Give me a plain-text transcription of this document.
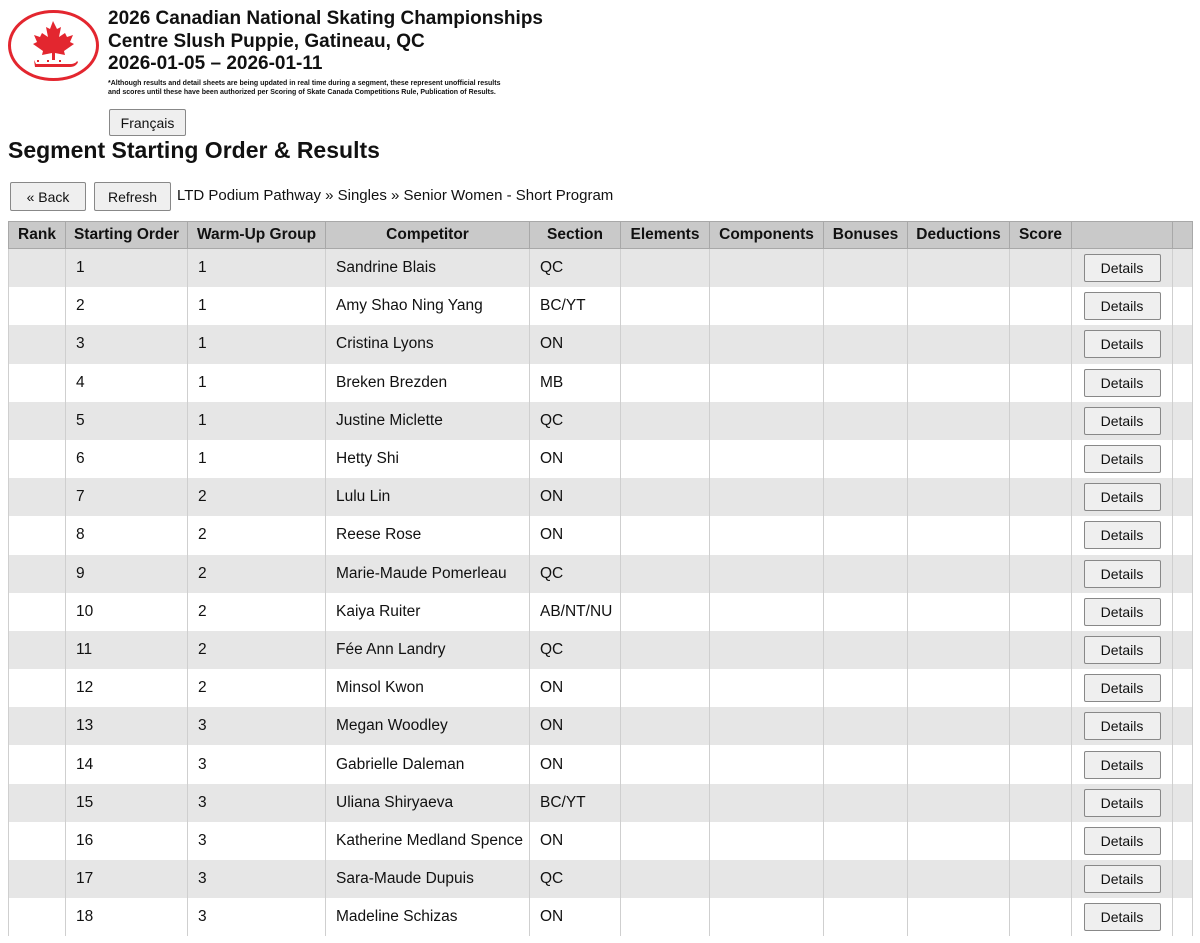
2026 Canadian National Skating Championships
Centre Slush Puppie, Gatineau, QC
2026-01-05 – 2026-01-11
*Although results and detail sheets are being updated in real time during a segment, these represent unofficial results and scores until these have been authorized per Scoring of Skate Canada Competitions Rule, Publication of Results.
Français
Segment Starting Order & Results
« Back	Refresh	LTD Podium Pathway » Singles » Senior Women - Short Program
Rank	Starting Order	Warm-Up Group	Competitor	Section	Elements	Components	Bonuses	Deductions	Score		
	1	1	Sandrine Blais	QC						Details	
	2	1	Amy Shao Ning Yang	BC/YT						Details	
	3	1	Cristina Lyons	ON						Details	
	4	1	Breken Brezden	MB						Details	
	5	1	Justine Miclette	QC						Details	
	6	1	Hetty Shi	ON						Details	
	7	2	Lulu Lin	ON						Details	
	8	2	Reese Rose	ON						Details	
	9	2	Marie-Maude Pomerleau	QC						Details	
	10	2	Kaiya Ruiter	AB/NT/NU						Details	
	11	2	Fée Ann Landry	QC						Details	
	12	2	Minsol Kwon	ON						Details	
	13	3	Megan Woodley	ON						Details	
	14	3	Gabrielle Daleman	ON						Details	
	15	3	Uliana Shiryaeva	BC/YT						Details	
	16	3	Katherine Medland Spence	ON						Details	
	17	3	Sara-Maude Dupuis	QC						Details	
	18	3	Madeline Schizas	ON						Details	
